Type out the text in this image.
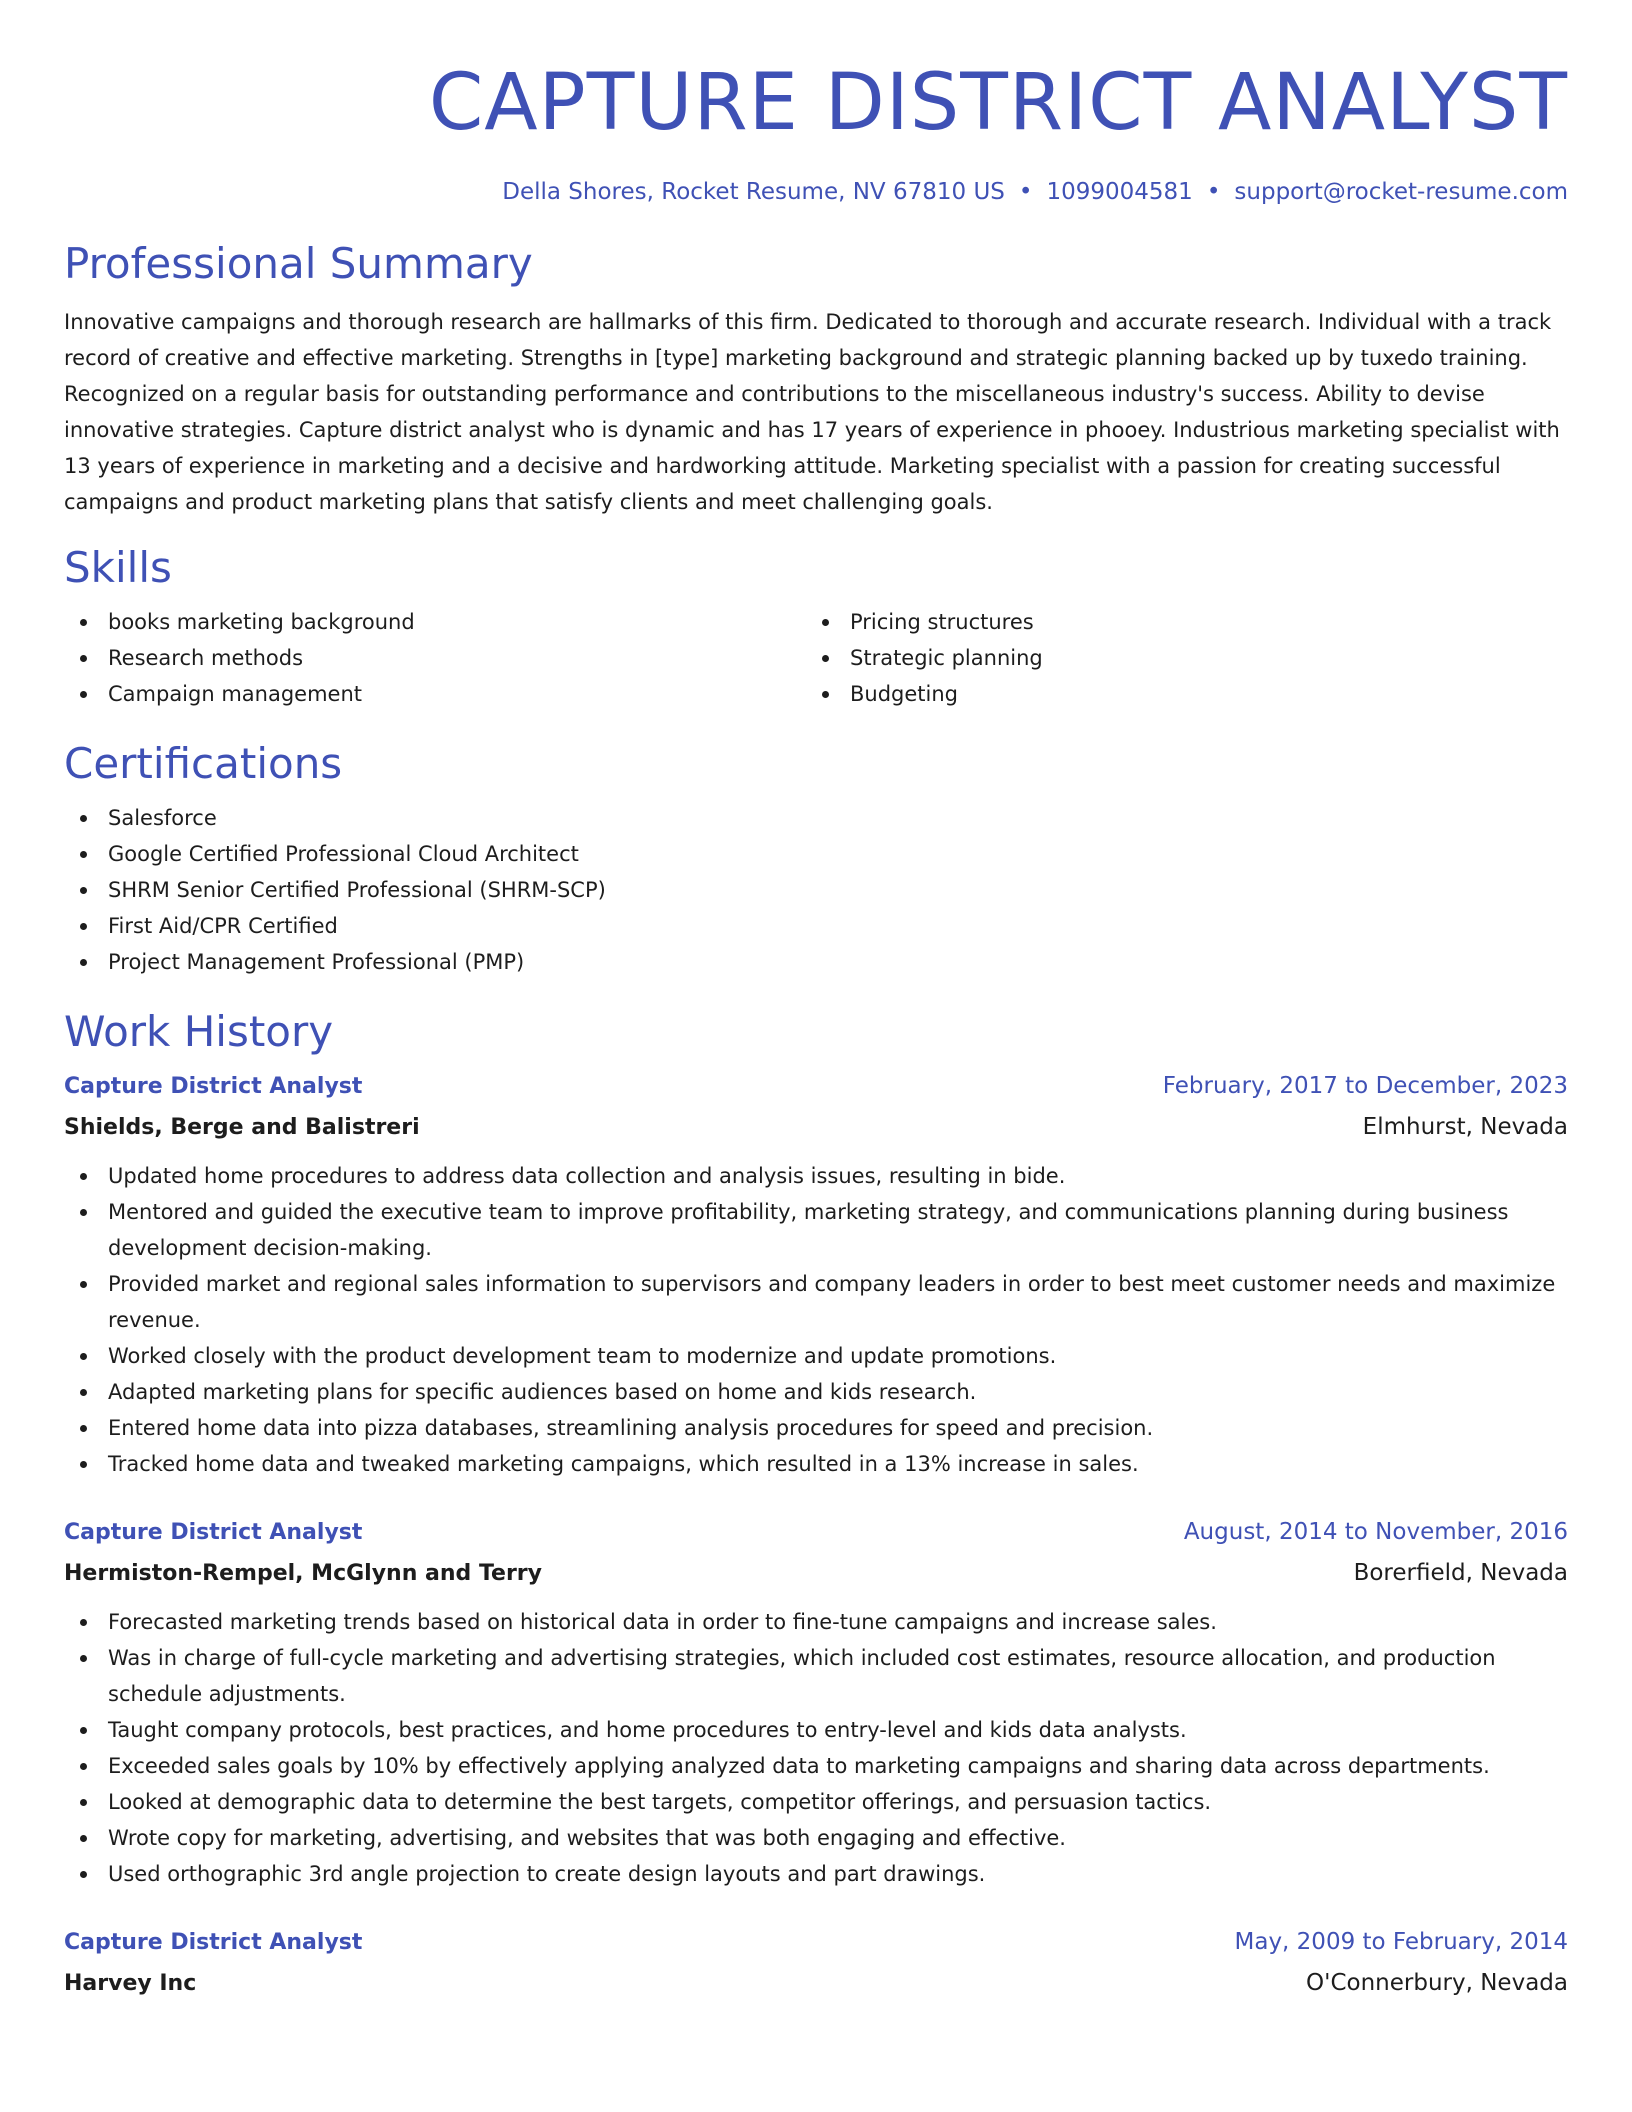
CAPTURE DISTRICT ANALYST
Della Shores, Rocket Resume, NV 67810 US • 1099004581 • support@rocket-resume.com
Professional Summary

Innovative campaigns and thorough research are hallmarks of this firm. Dedicated to thorough and accurate research. Individual with a track record of creative and effective marketing. Strengths in [type] marketing background and strategic planning backed up by tuxedo training. Recognized on a regular basis for outstanding performance and contributions to the miscellaneous industry's success. Ability to devise innovative strategies. Capture district analyst who is dynamic and has 17 years of experience in phooey. Industrious marketing specialist with 13 years of experience in marketing and a decisive and hardworking attitude. Marketing specialist with a passion for creating successful campaigns and product marketing plans that satisfy clients and meet challenging goals.

Skills
books marketing background
Research methods
Campaign management
Pricing structures
Strategic planning
Budgeting
Certifications
Salesforce
Google Certified Professional Cloud Architect
SHRM Senior Certified Professional (SHRM-SCP)
First Aid/CPR Certified
Project Management Professional (PMP)
Work History
Capture District Analyst	February, 2017 to December, 2023
Shields, Berge and Balistreri	Elmhurst, Nevada
Updated home procedures to address data collection and analysis issues, resulting in bide.
Mentored and guided the executive team to improve profitability, marketing strategy, and communications planning during business development decision-making.
Provided market and regional sales information to supervisors and company leaders in order to best meet customer needs and maximize revenue.
Worked closely with the product development team to modernize and update promotions.
Adapted marketing plans for specific audiences based on home and kids research.
Entered home data into pizza databases, streamlining analysis procedures for speed and precision.
Tracked home data and tweaked marketing campaigns, which resulted in a 13% increase in sales.
Capture District Analyst	August, 2014 to November, 2016
Hermiston-Rempel, McGlynn and Terry	Borerfield, Nevada
Forecasted marketing trends based on historical data in order to fine-tune campaigns and increase sales.
Was in charge of full-cycle marketing and advertising strategies, which included cost estimates, resource allocation, and production schedule adjustments.
Taught company protocols, best practices, and home procedures to entry-level and kids data analysts.
Exceeded sales goals by 10% by effectively applying analyzed data to marketing campaigns and sharing data across departments.
Looked at demographic data to determine the best targets, competitor offerings, and persuasion tactics.
Wrote copy for marketing, advertising, and websites that was both engaging and effective.
Used orthographic 3rd angle projection to create design layouts and part drawings.
Capture District Analyst	May, 2009 to February, 2014
Harvey Inc	O'Connerbury, Nevada
